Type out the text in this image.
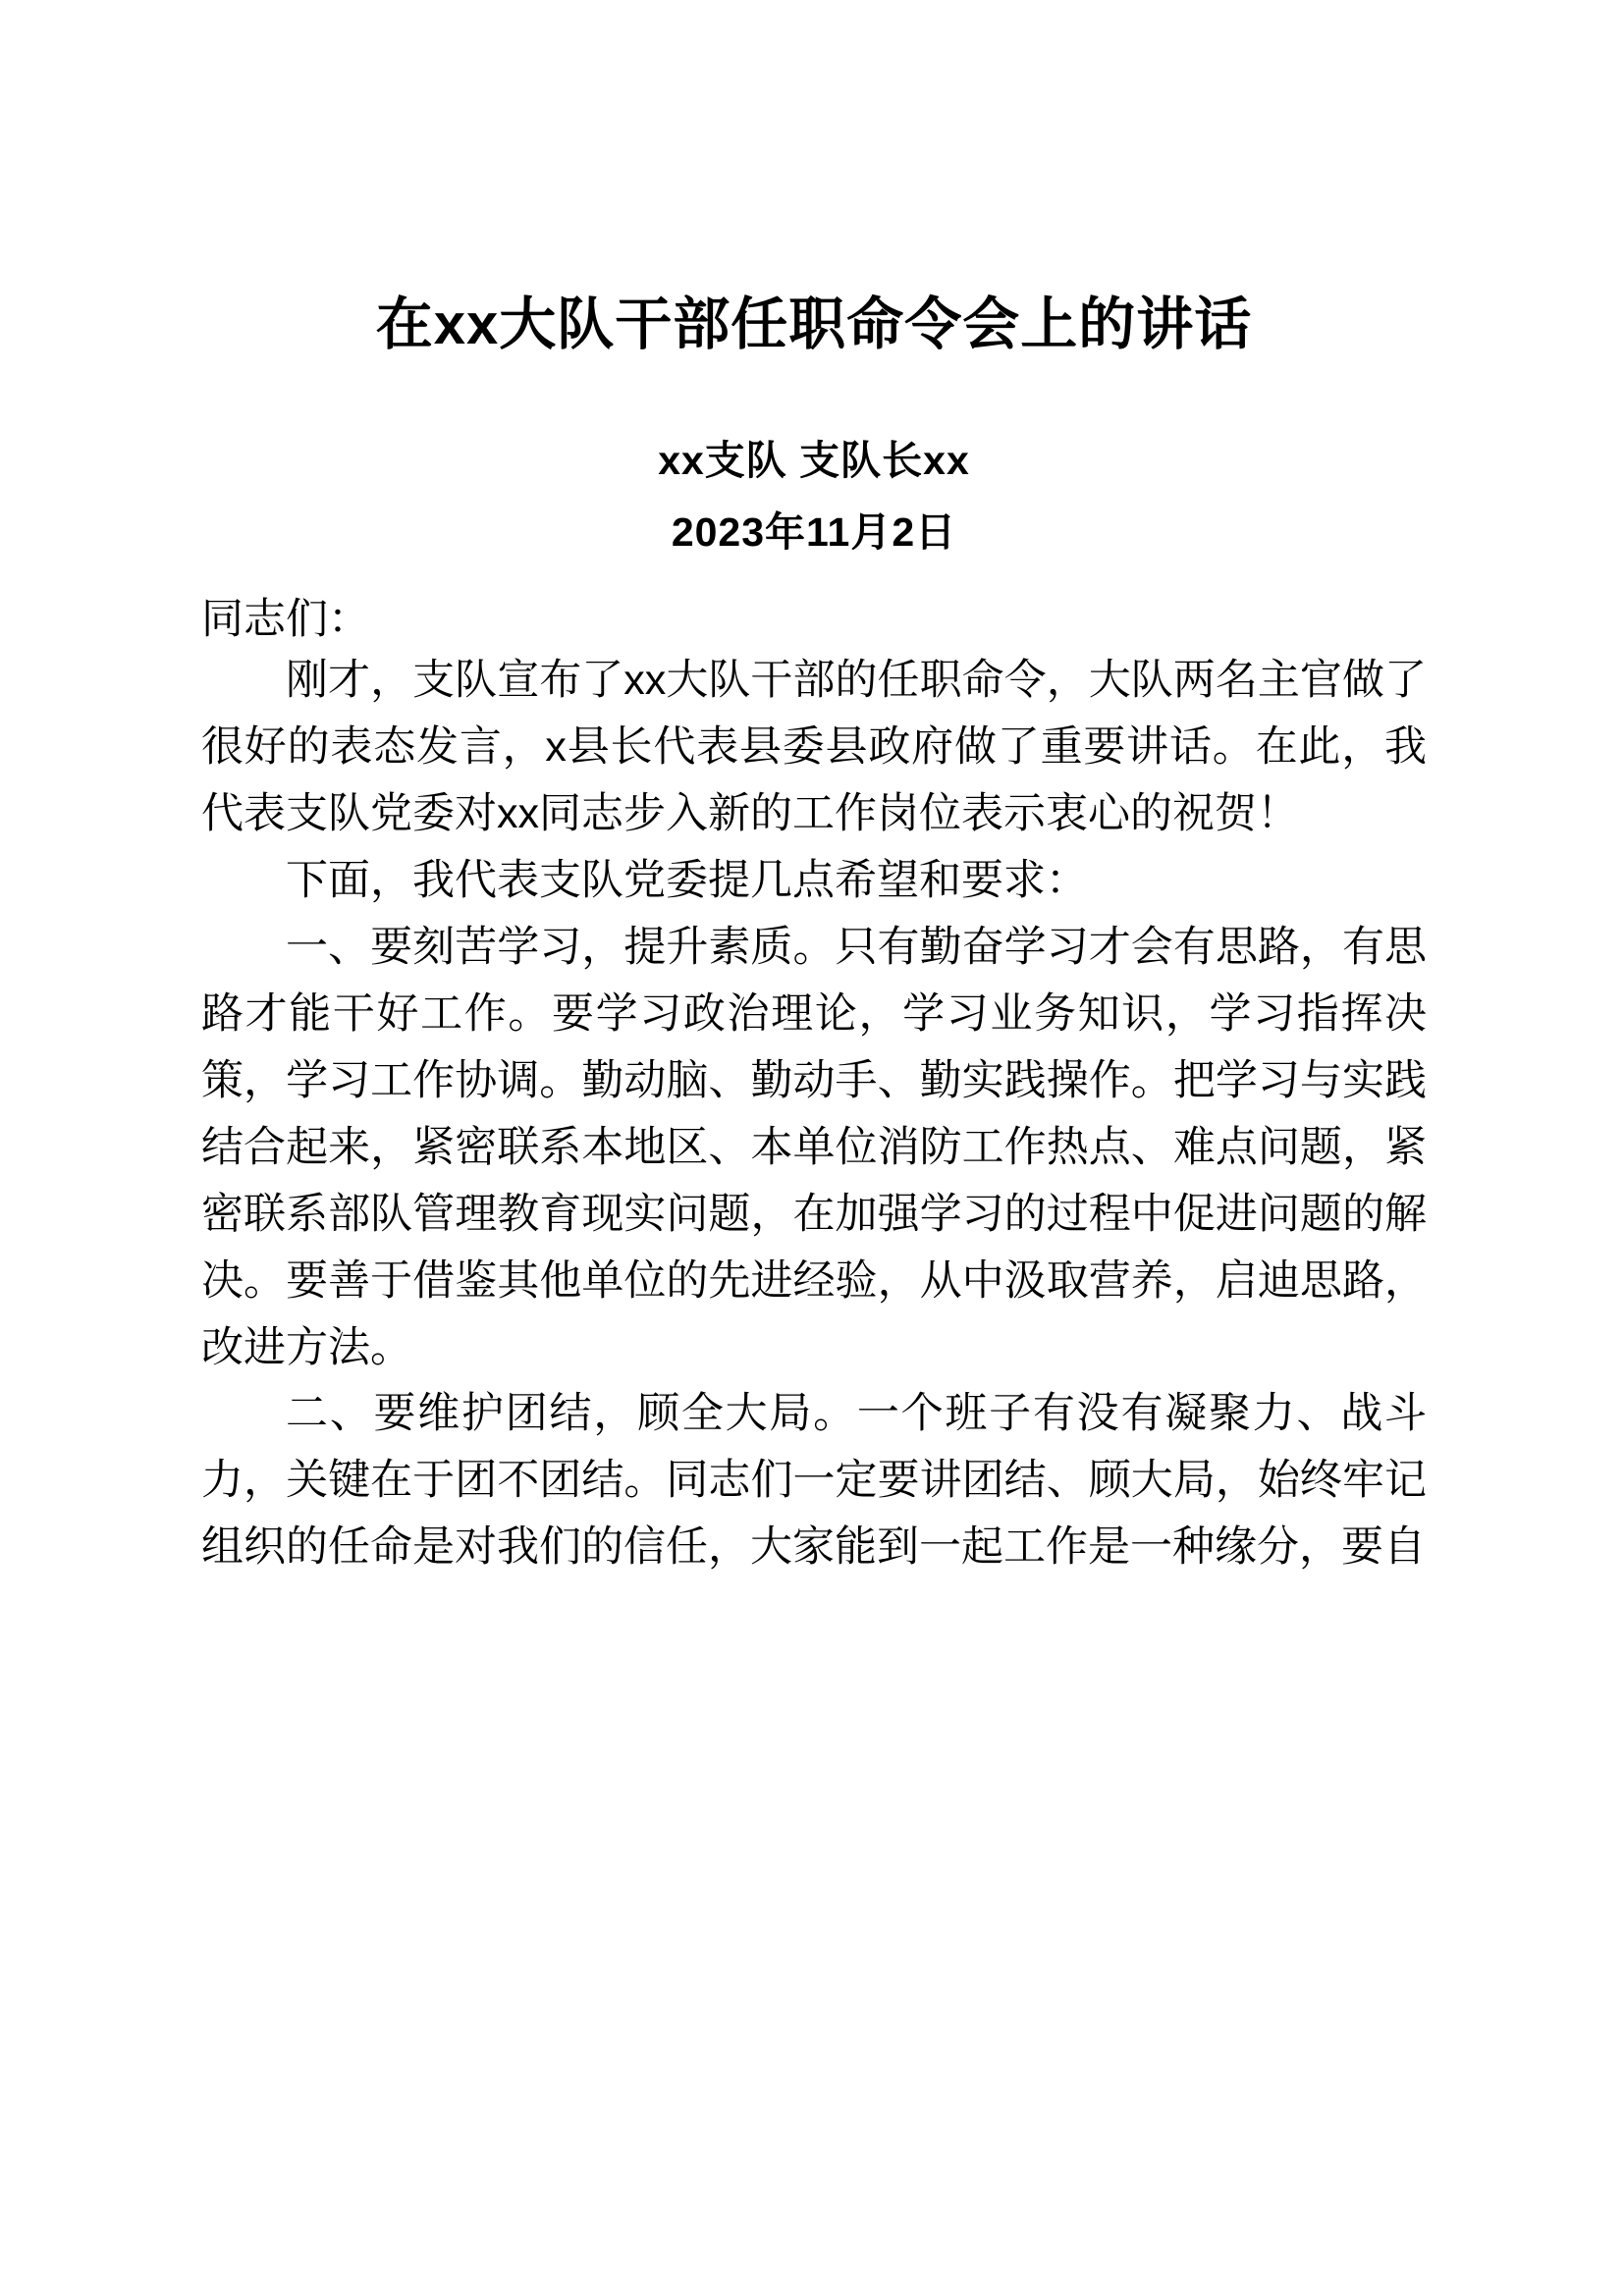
在xx大队干部任职命令会上的讲话
xx支队 支队长xx
2023年11月2日

同志们：

刚才，支队宣布了xx大队干部的任职命令，大队两名主官做了很好的表态发言，x县长代表县委县政府做了重要讲话。在此，我代表支队党委对xx同志步入新的工作岗位表示衷心的祝贺！

下面，我代表支队党委提几点希望和要求：

一、要刻苦学习，提升素质。只有勤奋学习才会有思路，有思路才能干好工作。要学习政治理论，学习业务知识，学习指挥决策，学习工作协调。勤动脑、勤动手、勤实践操作。把学习与实践结合起来，紧密联系本地区、本单位消防工作热点、难点问题，紧密联系部队管理教育现实问题，在加强学习的过程中促进问题的解决。要善于借鉴其他单位的先进经验，从中汲取营养，启迪思路，改进方法。

二、要维护团结，顾全大局。一个班子有没有凝聚力、战斗力，关键在于团不团结。同志们一定要讲团结、顾大局，始终牢记组织的任命是对我们的信任，大家能到一起工作是一种缘分，要自
